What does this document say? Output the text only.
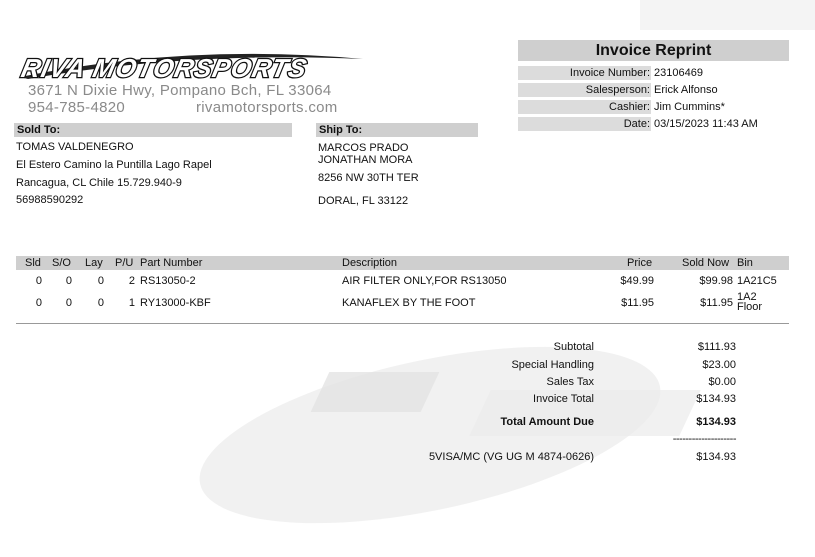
RIVA MOTORSPORTS
3671 N Dixie Hwy, Pompano Bch, FL 33064
954-785-4820	rivamotorsports.com
Invoice Reprint
Invoice Number: 23106469
Salesperson: Erick Alfonso
Cashier: Jim Cummins*
Date: 03/15/2023 11:43 AM
Sold To:
TOMAS VALDENEGRO
El Estero Camino la Puntilla Lago Rapel
Rancagua, CL Chile 15.729.940-9
56988590292
Ship To:
MARCOS PRADO
JONATHAN MORA
8256 NW 30TH TER
DORAL, FL 33122
Sld S/O Lay P/U Part Number	Description	Price	Sold Now Bin
0	0	0	2 RS13050-2	AIR FILTER ONLY,FOR RS13050	$49.99	$99.98 1A21C5
0	0	0	1 RY13000-KBF	KANAFLEX BY THE FOOT	$11.95	$11.95 1A2
Floor
Subtotal	$111.93
Special Handling	$23.00
Sales Tax	$0.00
Invoice Total	$134.93
Total Amount Due	$134.93
--------------------
5VISA/MC (VG UG M 4874-0626)	$134.93
